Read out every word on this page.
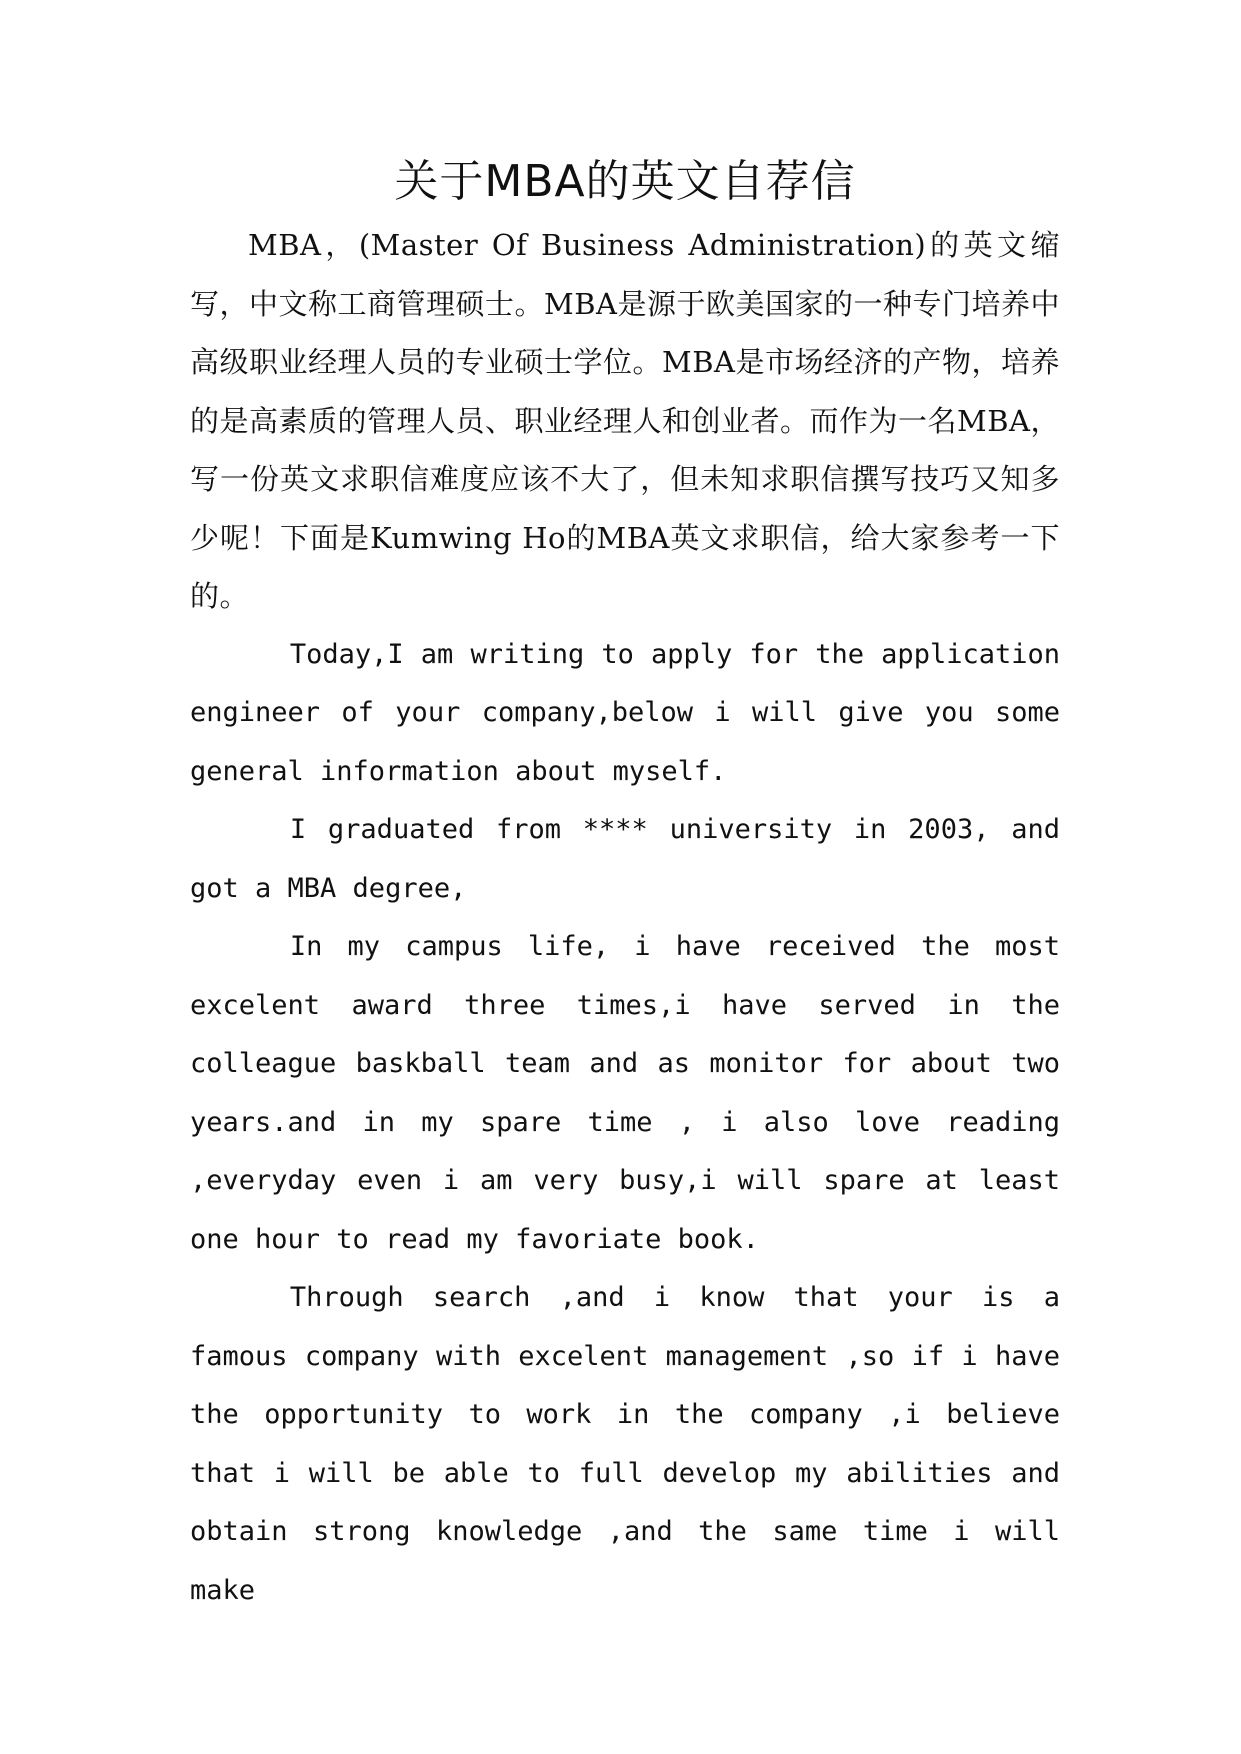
关于MBA的英文自荐信

MBA，(Master Of Business Administration)的英文缩写，中文称工商管理硕士。MBA是源于欧美国家的一种专门培养中高级职业经理人员的专业硕士学位。MBA是市场经济的产物，培养的是高素质的管理人员、职业经理人和创业者。而作为一名MBA，写一份英文求职信难度应该不大了，但未知求职信撰写技巧又知多少呢！下面是Kumwing Ho的MBA英文求职信，给大家参考一下的。

Today,I am writing to apply for the application engineer of your company,below i will give you some general information about myself.

I graduated from **** university in 2003, and got a MBA degree,

In my campus life, i have received the most excelent award three times,i have served in the colleague baskball team and as monitor for about two years.and in my spare time , i also love reading ,everyday even i am very busy,i will spare at least one hour to read my favoriate book.

Through search ,and i know that your is a famous company with excelent management ,so if i have the opportunity to work in the company ,i believe that i will be able to full develop my abilities and obtain strong knowledge ,and the same time i will make
